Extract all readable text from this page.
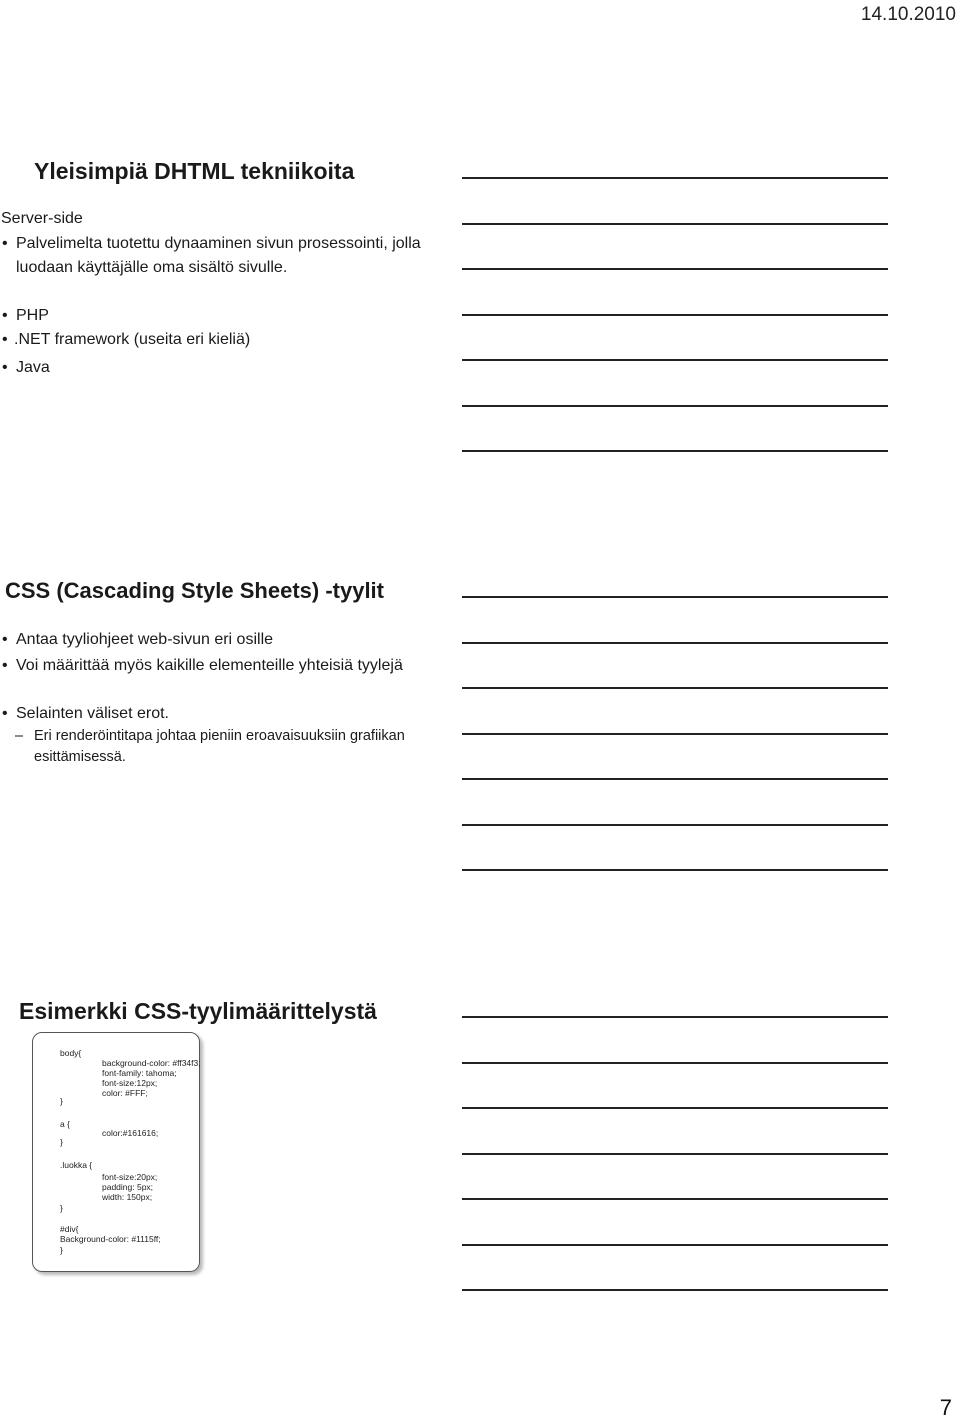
14.10.2010
Yleisimpiä DHTML tekniikoita

Server-side

• Palvelimelta tuotettu dynaaminen sivun prosessointi, jolla luodaan käyttäjälle oma sisältö sivulle.
• PHP
• .NET framework (useita eri kieliä)
• Java
CSS (Cascading Style Sheets) -tyylit
• Antaa tyyliohjeet web-sivun eri osille
• Voi määrittää myös kaikille elementeille yhteisiä tyylejä
• Selainten väliset erot.
– Eri renderöintitapa johtaa pieniin eroavaisuuksiin grafiikan esittämisessä.
Esimerkki CSS-tyylimäärittelystä
body{
background-color: #ff34f3;
font-family: tahoma;
font-size:12px;
color: #FFF;
}
a {
color:#161616;
}
.luokka {
font-size:20px;
padding: 5px;
width: 150px;
}
#div{
Background-color: #1115ff;
}
7
